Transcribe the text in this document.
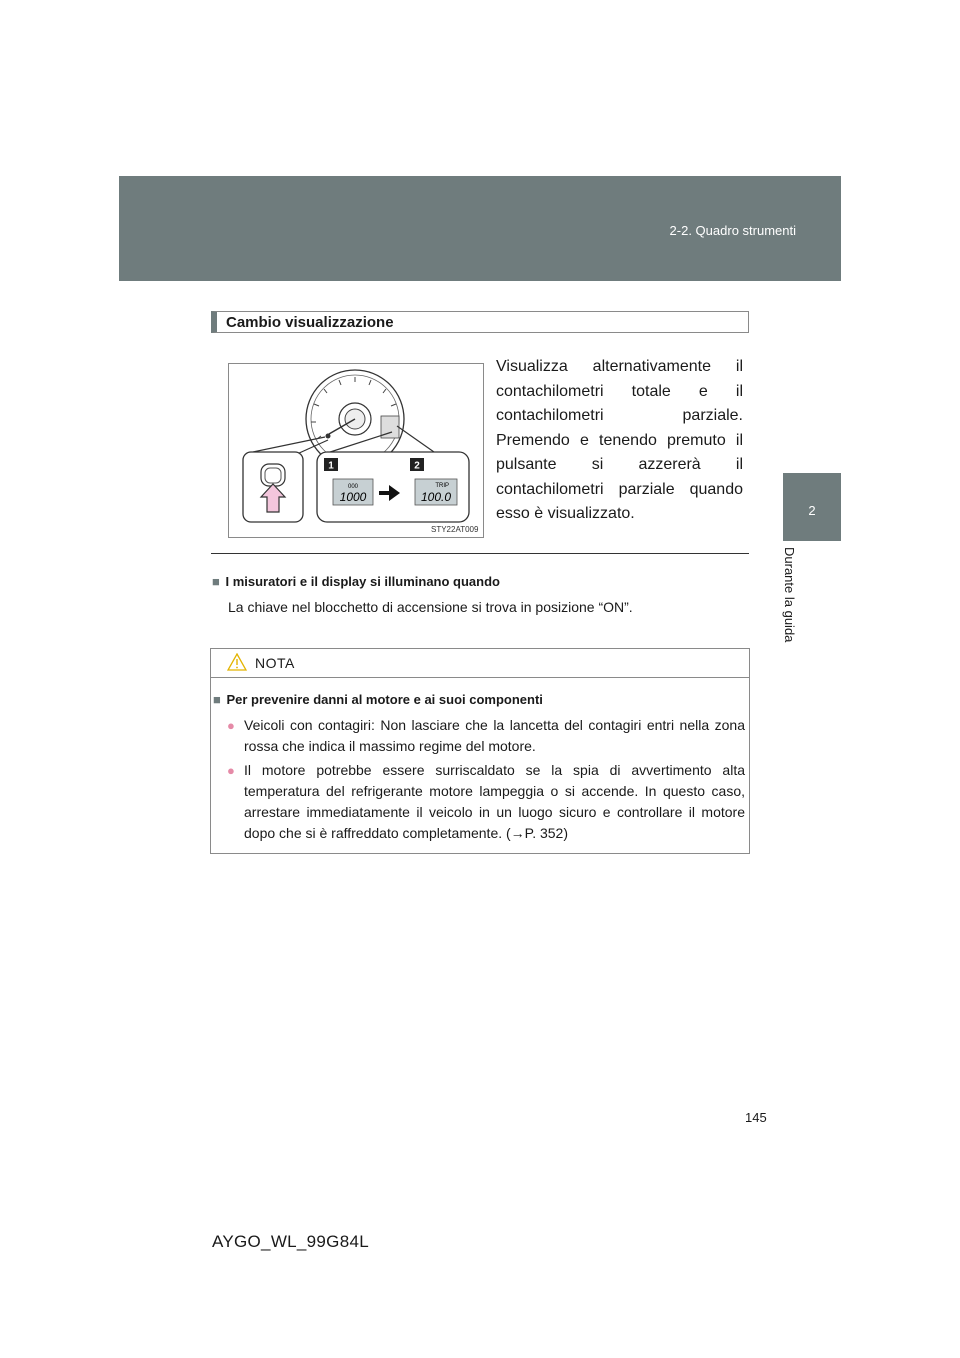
2-2. Quadro strumenti
2
Durante la guida
Cambio visualizzazione
1	2
000
1000
TRIP
100.0
STY22AT009
Visualizza alternativamente il contachilometri totale e il contachilometri parziale. Premendo e tenendo premuto il pulsante si azzererà il contachilometri parziale quando esso è visualizzato.
■ I misuratori e il display si illuminano quando
La chiave nel blocchetto di accensione si trova in posizione “ON”.
NOTA
■ Per prevenire danni al motore e ai suoi componenti
● Veicoli con contagiri: Non lasciare che la lancetta del contagiri entri nella zona rossa che indica il massimo regime del motore.
● Il motore potrebbe essere surriscaldato se la spia di avvertimento alta temperatura del refrigerante motore lampeggia o si accende. In questo caso, arrestare immediatamente il veicolo in un luogo sicuro e controllare il motore dopo che si è raffreddato completamente. (→P. 352)
145
AYGO_WL_99G84L
